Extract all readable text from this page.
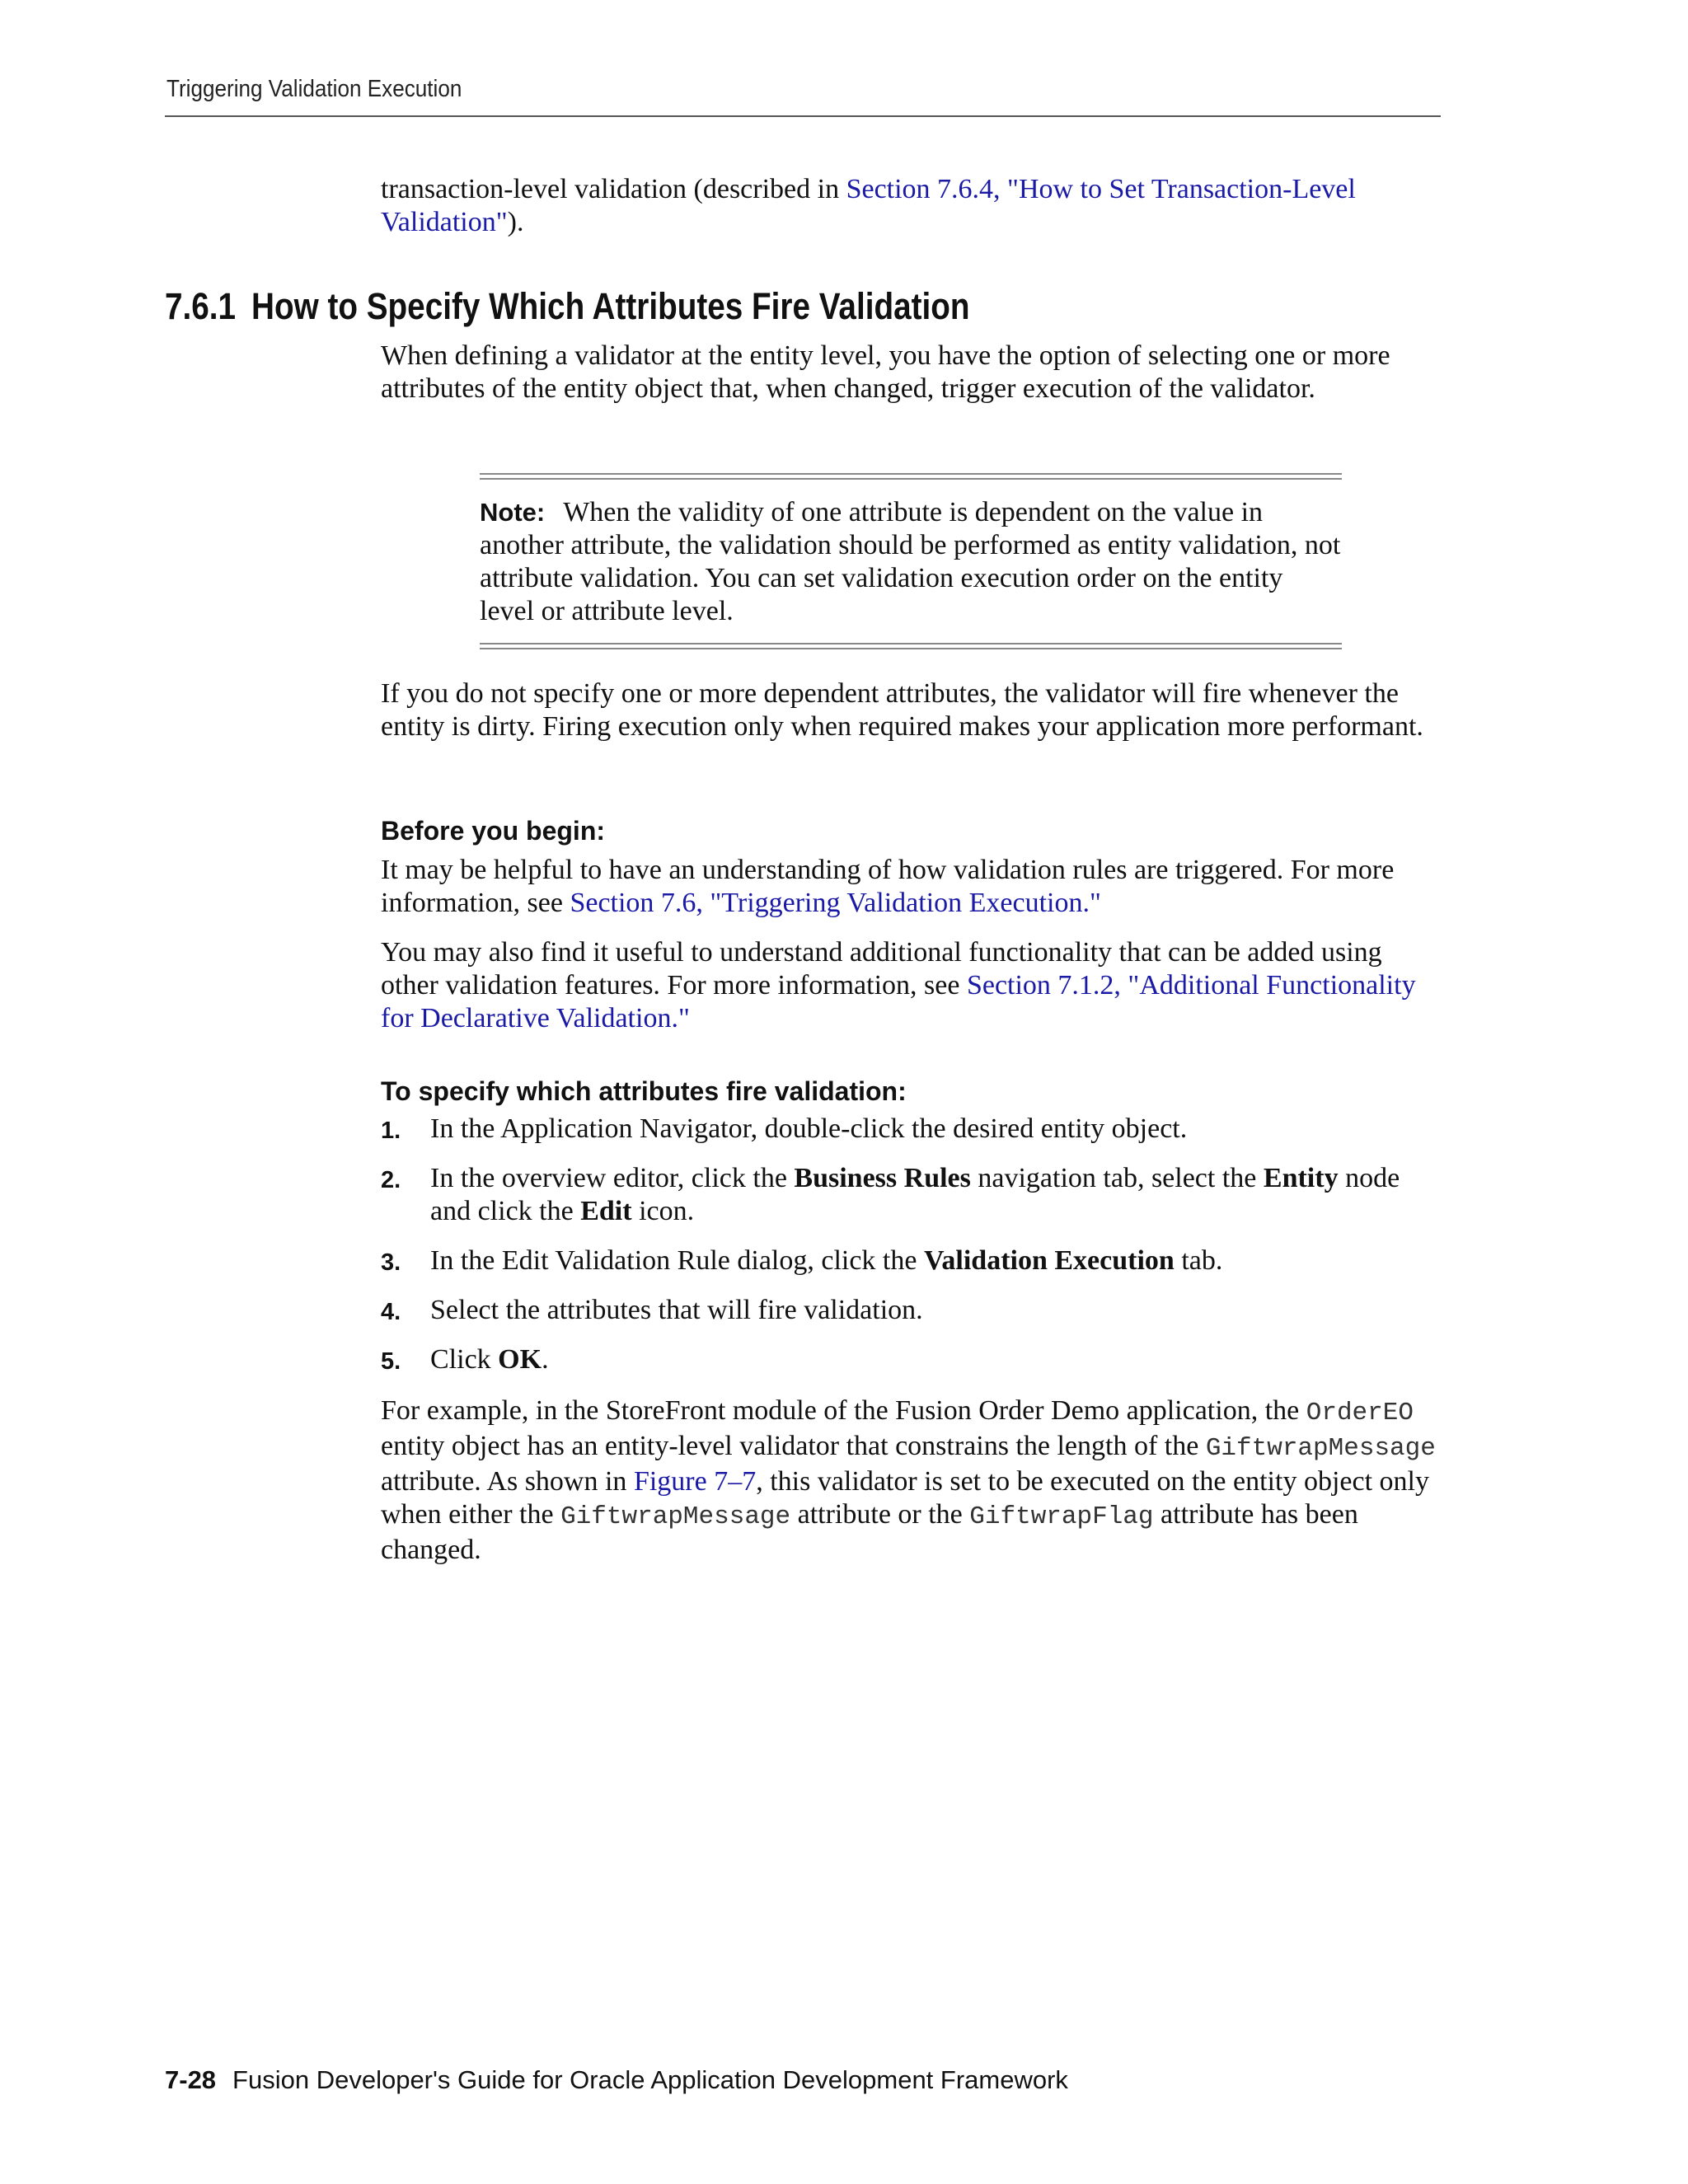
Triggering Validation Execution

transaction-level validation (described in Section 7.6.4, "How to Set Transaction-Level Validation").

7.6.1 How to Specify Which Attributes Fire Validation

When defining a validator at the entity level, you have the option of selecting one or more attributes of the entity object that, when changed, trigger execution of the validator.

Note: When the validity of one attribute is dependent on the value in another attribute, the validation should be performed as entity validation, not attribute validation. You can set validation execution order on the entity level or attribute level.

If you do not specify one or more dependent attributes, the validator will fire whenever the entity is dirty. Firing execution only when required makes your application more performant.

Before you begin:

It may be helpful to have an understanding of how validation rules are triggered. For more information, see Section 7.6, "Triggering Validation Execution."

You may also find it useful to understand additional functionality that can be added using other validation features. For more information, see Section 7.1.2, "Additional Functionality for Declarative Validation."

To specify which attributes fire validation:
1. In the Application Navigator, double-click the desired entity object.
2. In the overview editor, click the Business Rules navigation tab, select the Entity node and click the Edit icon.
3. In the Edit Validation Rule dialog, click the Validation Execution tab.
4. Select the attributes that will fire validation.
5. Click OK.

For example, in the StoreFront module of the Fusion Order Demo application, the OrderEO entity object has an entity-level validator that constrains the length of the GiftwrapMessage attribute. As shown in Figure 7–7, this validator is set to be executed on the entity object only when either the GiftwrapMessage attribute or the GiftwrapFlag attribute has been changed.

7-28 Fusion Developer's Guide for Oracle Application Development Framework
